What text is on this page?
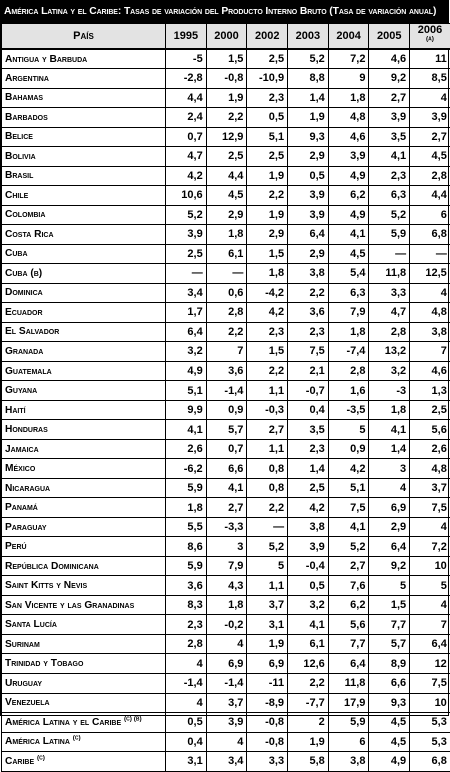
América Latina y el Caribe: Tasas de variación del Producto Interno Bruto (Tasa de variación anual)
País	1995	2000	2002	2003	2004	2005	2006 $^{(a)}$
Antigua y Barbuda	-5	1,5	2,5	5,2	7,2	4,6	11
Argentina	-2,8	-0,8	-10,9	8,8	9	9,2	8,5
Bahamas	4,4	1,9	2,3	1,4	1,8	2,7	4
Barbados	2,4	2,2	0,5	1,9	4,8	3,9	3,9
Belice	0,7	12,9	5,1	9,3	4,6	3,5	2,7
Bolivia	4,7	2,5	2,5	2,9	3,9	4,1	4,5
Brasil	4,2	4,4	1,9	0,5	4,9	2,3	2,8
Chile	10,6	4,5	2,2	3,9	6,2	6,3	4,4
Colombia	5,2	2,9	1,9	3,9	4,9	5,2	6
Costa Rica	3,9	1,8	2,9	6,4	4,1	5,9	6,8
Cuba	2,5	6,1	1,5	2,9	4,5	—	—
Cuba (b)	—	—	1,8	3,8	5,4	11,8	12,5
Dominica	3,4	0,6	-4,2	2,2	6,3	3,3	4
Ecuador	1,7	2,8	4,2	3,6	7,9	4,7	4,8
El Salvador	6,4	2,2	2,3	2,3	1,8	2,8	3,8
Granada	3,2	7	1,5	7,5	-7,4	13,2	7
Guatemala	4,9	3,6	2,2	2,1	2,8	3,2	4,6
Guyana	5,1	-1,4	1,1	-0,7	1,6	-3	1,3
Haití	9,9	0,9	-0,3	0,4	-3,5	1,8	2,5
Honduras	4,1	5,7	2,7	3,5	5	4,1	5,6
Jamaica	2,6	0,7	1,1	2,3	0,9	1,4	2,6
México	-6,2	6,6	0,8	1,4	4,2	3	4,8
Nicaragua	5,9	4,1	0,8	2,5	5,1	4	3,7
Panamá	1,8	2,7	2,2	4,2	7,5	6,9	7,5
Paraguay	5,5	-3,3	—	3,8	4,1	2,9	4
Perú	8,6	3	5,2	3,9	5,2	6,4	7,2
República Dominicana	5,9	7,9	5	-0,4	2,7	9,2	10
Saint Kitts y Nevis	3,6	4,3	1,1	0,5	7,6	5	5
San Vicente y las Granadinas	8,3	1,8	3,7	3,2	6,2	1,5	4
Santa Lucía	2,3	-0,2	3,1	4,1	5,6	7,7	7
Surinam	2,8	4	1,9	6,1	7,7	5,7	6,4
Trinidad y Tobago	4	6,9	6,9	12,6	6,4	8,9	12
Uruguay	-1,4	-1,4	-11	2,2	11,8	6,6	7,5
Venezuela	4	3,7	-8,9	-7,7	17,9	9,3	10
América Latina y el Caribe $^{(c) (b)}$	0,5	3,9	-0,8	2	5,9	4,5	5,3
América Latina $^{(c)}$	0,4	4	-0,8	1,9	6	4,5	5,3
Caribe $^{(c)}$	3,1	3,4	3,3	5,8	3,8	4,9	6,8
